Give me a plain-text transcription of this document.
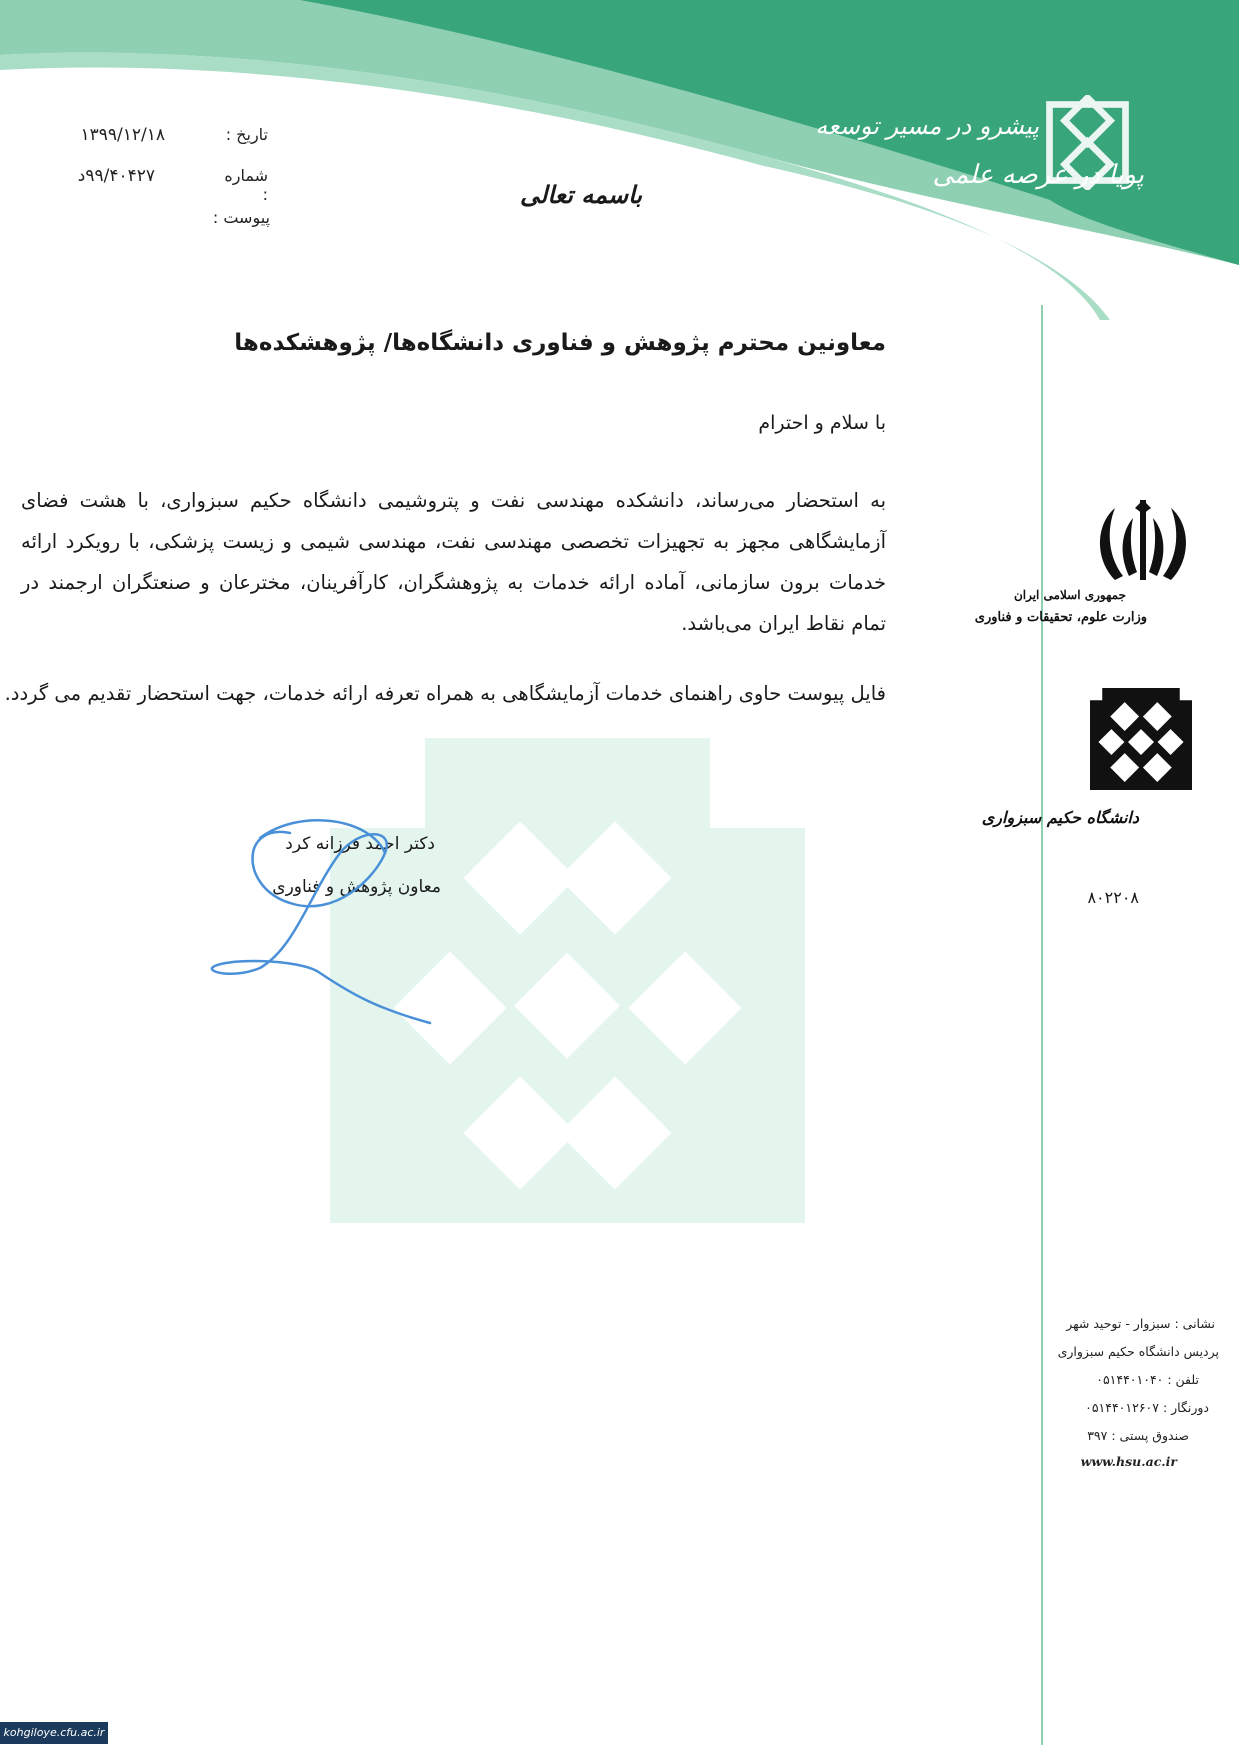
پیشرو در مسیر توسعه
پویا در عرصه علمی
باسمه تعالی
تاریخ :
۱۳۹۹/۱۲/۱۸
شماره :
۹۹/۴۰۴۲۷د
پیوست :
معاونین محترم پژوهش و فناوری دانشگاه‌ها/ پژوهشکده‌ها
با سلام و احترام
به استحضار می‌رساند، دانشکده مهندسی نفت و پتروشیمی دانشگاه حکیم سبزواری، با هشت فضای آزمایشگاهی مجهز به تجهیزات تخصصی مهندسی نفت، مهندسی شیمی و زیست پزشکی، با رویکرد ارائه خدمات برون سازمانی، آماده ارائه خدمات به پژوهشگران، کارآفرینان، مخترعان و صنعتگران ارجمند در تمام نقاط ایران می‌باشد.
فایل پیوست حاوی راهنمای خدمات آزمایشگاهی به همراه تعرفه ارائه خدمات، جهت استحضار تقدیم می گردد.
دکتر احمد فرزانه کرد
معاون پژوهش و فناوری
جمهوری اسلامی ایران
وزارت علوم، تحقیقات و فناوری
دانشگاه حکیم سبزواری
۸۰۲۲۰۸
نشانی : سبزوار - توحید شهر
پردیس دانشگاه حکیم سبزواری
تلفن : ۰۵۱۴۴۰۱۰۴۰
دورنگار : ۰۵۱۴۴۰۱۲۶۰۷
صندوق پستی : ۳۹۷
www.hsu.ac.ir
kohgiloye.cfu.ac.ir
